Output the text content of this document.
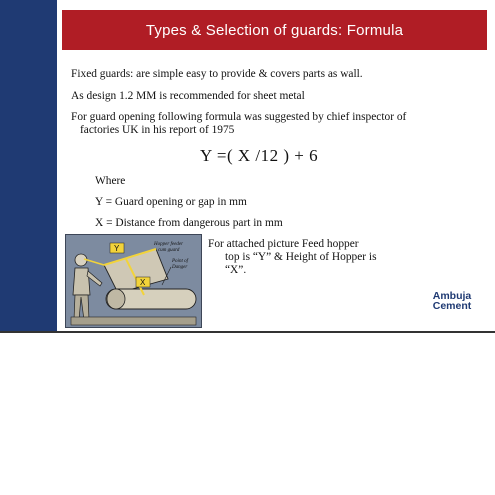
Types & Selection of guards: Formula
Fixed guards: are simple easy to provide & covers parts as wall.
As design 1.2 MM is recommended for sheet metal
For guard opening following formula was suggested by chief inspector of
factories UK in his report of 1975
Y =( X /12 ) + 6
Where
Y = Guard opening or gap in mm
X = Distance from dangerous part in mm
Y
X
Hopper feeder
cum guard
Point of
Danger
For attached picture Feed hopper
top is “Y” & Height of Hopper is
“X”.
Ambuja
Cement
